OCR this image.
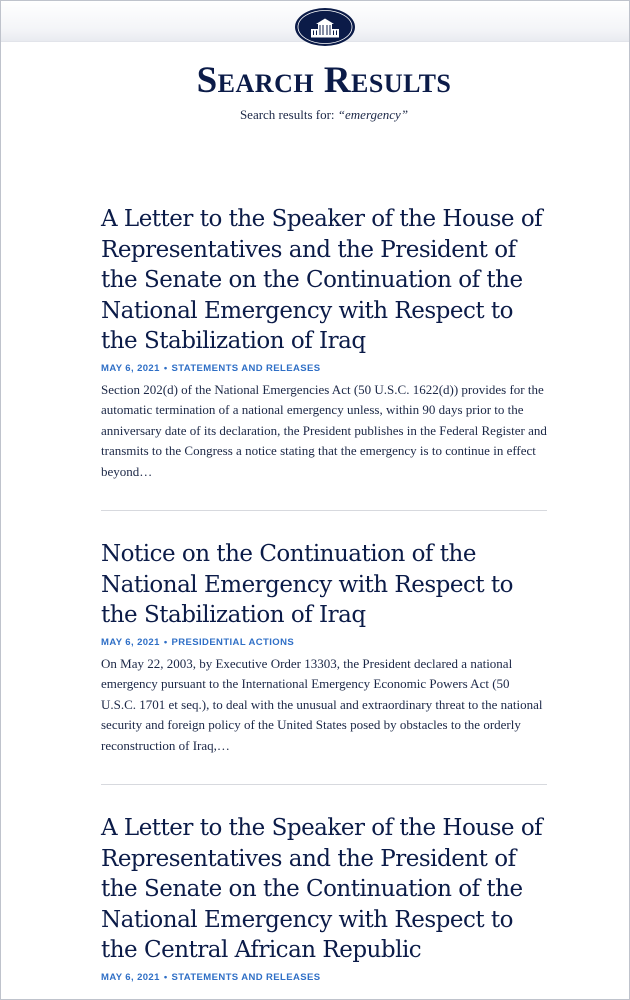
Search Results
Search results for: “emergency”
A Letter to the Speaker of the House of Representatives and the President of the Senate on the Continuation of the National Emergency with Respect to the Stabilization of Iraq
MAY 6, 2021 • STATEMENTS AND RELEASES

Section 202(d) of the National Emergencies Act (50 U.S.C. 1622(d)) provides for the automatic termination of a national emergency unless, within 90 days prior to the anniversary date of its declaration, the President publishes in the Federal Register and transmits to the Congress a notice stating that the emergency is to continue in effect beyond…

Notice on the Continuation of the National Emergency with Respect to the Stabilization of Iraq
MAY 6, 2021 • PRESIDENTIAL ACTIONS

On May 22, 2003, by Executive Order 13303, the President declared a national emergency pursuant to the International Emergency Economic Powers Act (50 U.S.C. 1701 et seq.), to deal with the unusual and extraordinary threat to the national security and foreign policy of the United States posed by obstacles to the orderly reconstruction of Iraq,…

A Letter to the Speaker of the House of Representatives and the President of the Senate on the Continuation of the National Emergency with Respect to the Central African Republic
MAY 6, 2021 • STATEMENTS AND RELEASES
